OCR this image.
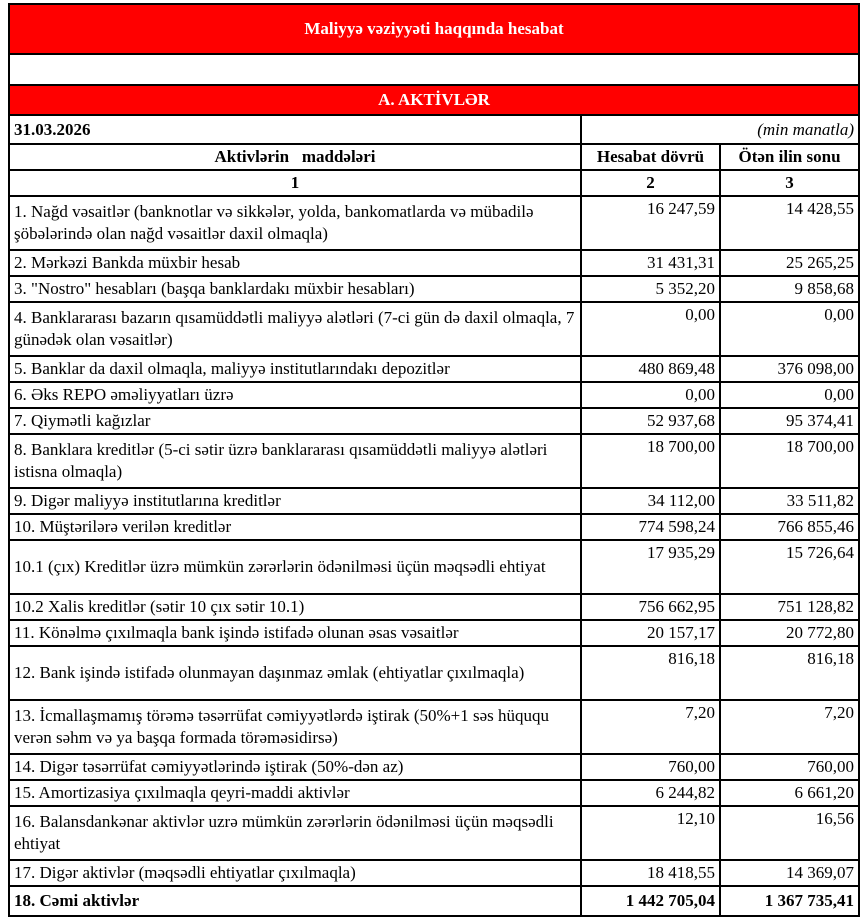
Maliyyə vəziyyəti haqqında hesabat		

A. AKTİVLƏR		
31.03.2026	(min manatla)	
Aktivlərin   maddələri	Hesabat dövrü	Ötən ilin sonu
1	2	3
1. Nağd vəsaitlər (banknotlar və sikkələr, yolda, bankomatlarda və mübadilə şöbələrində olan nağd vəsaitlər daxil olmaqla)	16 247,59	14 428,55
2. Mərkəzi Bankda müxbir hesab	31 431,31	25 265,25
3. "Nostro" hesabları (başqa banklardakı müxbir hesabları)	5 352,20	9 858,68
4. Banklararası bazarın qısamüddətli maliyyə alətləri (7-ci gün də daxil olmaqla, 7 günədək olan vəsaitlər)	0,00	0,00
5. Banklar da daxil olmaqla, maliyyə institutlarındakı depozitlər	480 869,48	376 098,00
6. Əks REPO əməliyyatları üzrə	0,00	0,00
7. Qiymətli kağızlar	52 937,68	95 374,41
8. Banklara kreditlər (5-ci sətir üzrə banklararası qısamüddətli maliyyə alətləri istisna olmaqla)	18 700,00	18 700,00
9. Digər maliyyə institutlarına kreditlər	34 112,00	33 511,82
10. Müştərilərə verilən kreditlər	774 598,24	766 855,46
10.1 (çıx) Kreditlər üzrə mümkün zərərlərin ödənilməsi üçün məqsədli ehtiyat	17 935,29	15 726,64
10.2 Xalis kreditlər (sətir 10 çıx sətir 10.1)	756 662,95	751 128,82
11. Könəlmə çıxılmaqla bank işində istifadə olunan əsas vəsaitlər	20 157,17	20 772,80
12. Bank işində istifadə olunmayan daşınmaz əmlak (ehtiyatlar çıxılmaqla)	816,18	816,18
13. İcmallaşmamış törəmə təsərrüfat cəmiyyətlərdə iştirak (50%+1 səs hüququ verən səhm və ya başqa formada törəməsidirsə)	7,20	7,20
14. Digər təsərrüfat cəmiyyətlərində iştirak (50%-dən az)	760,00	760,00
15. Amortizasiya çıxılmaqla qeyri-maddi aktivlər	6 244,82	6 661,20
16. Balansdankənar aktivlər uzrə mümkün zərərlərin ödənilməsi üçün məqsədli ehtiyat	12,10	16,56
17. Digər aktivlər (məqsədli ehtiyatlar çıxılmaqla)	18 418,55	14 369,07
18. Cəmi aktivlər	1 442 705,04	1 367 735,41
